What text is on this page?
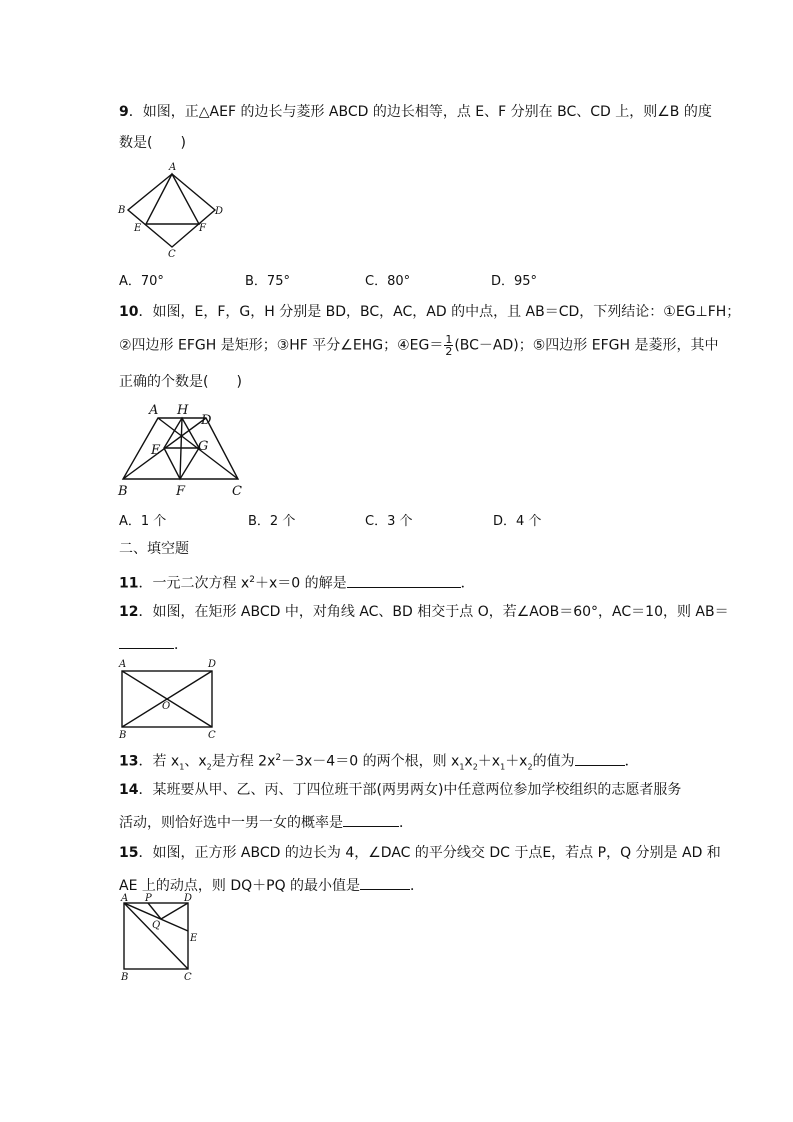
9．如图，正△AEF 的边长与菱形 ABCD 的边长相等，点 E、F 分别在 BC、CD 上，则∠B 的度
数是(　　)
A
B	D
E	F
C
A．70°	B．75°	C．80°	D．95°
10．如图，E，F，G，H 分别是 BD，BC，AC，AD 的中点，且 AB＝CD，下列结论：①EG⊥FH；
②四边形 EFGH 是矩形；③HF 平分∠EHG；④EG＝ $\frac{1}{2} (BC-AD)$；⑤四边形 EFGH 是菱形，其中
正确的个数是(　　)
A H
D
E	G
B	F	C
A．1 个	B．2 个	C．3 个	D．4 个
二、填空题
11．一元二次方程 $x^2+x=0$ 的解是	．
12．如图，在矩形 ABCD 中，对角线 AC、BD 相交于点 O，若∠AOB＝60°，AC＝10，则 AB＝
．
A	D
O
B	C
13．若 $x_1$、$x_2$是方程 $2x^2-3x-4=0$ 的两个根，则 $x_1x_2+x_1+x_2$的值为	．
14．某班要从甲、乙、丙、丁四位班干部(两男两女)中任意两位参加学校组织的志愿者服务
活动，则恰好选中一男一女的概率是	．
15．如图，正方形 ABCD 的边长为 4，∠DAC 的平分线交 DC 于点E，若点 P，Q 分别是 AD 和
AE 上的动点，则 DQ＋PQ 的最小值是	．
A P	D
Q
E
B	C
